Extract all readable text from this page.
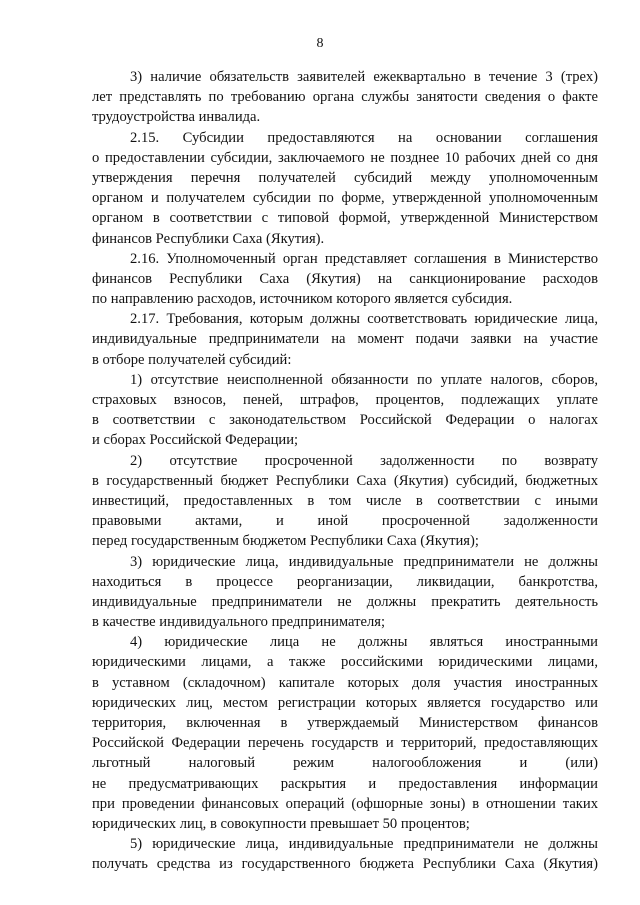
8

3) наличие обязательств заявителей ежеквартально в течение 3 (трех)
лет представлять по требованию органа службы занятости сведения о факте
трудоустройства инвалида.

2.15. Субсидии предоставляются на основании соглашения
о предоставлении субсидии, заключаемого не позднее 10 рабочих дней со дня
утверждения перечня получателей субсидий между уполномоченным
органом и получателем субсидии по форме, утвержденной уполномоченным
органом в соответствии с типовой формой, утвержденной Министерством
финансов Республики Саха (Якутия).

2.16. Уполномоченный орган представляет соглашения в Министерство
финансов Республики Саха (Якутия) на санкционирование расходов
по направлению расходов, источником которого является субсидия.

2.17. Требования, которым должны соответствовать юридические лица,
индивидуальные предприниматели на момент подачи заявки на участие
в отборе получателей субсидий:

1) отсутствие неисполненной обязанности по уплате налогов, сборов,
страховых взносов, пеней, штрафов, процентов, подлежащих уплате
в соответствии с законодательством Российской Федерации о налогах
и сборах Российской Федерации;

2) отсутствие просроченной задолженности по возврату
в государственный бюджет Республики Саха (Якутия) субсидий, бюджетных
инвестиций, предоставленных в том числе в соответствии с иными
правовыми актами, и иной просроченной задолженности
перед государственным бюджетом Республики Саха (Якутия);

3) юридические лица, индивидуальные предприниматели не должны
находиться в процессе реорганизации, ликвидации, банкротства,
индивидуальные предприниматели не должны прекратить деятельность
в качестве индивидуального предпринимателя;

4) юридические лица не должны являться иностранными
юридическими лицами, а также российскими юридическими лицами,
в уставном (складочном) капитале которых доля участия иностранных
юридических лиц, местом регистрации которых является государство или
территория, включенная в утверждаемый Министерством финансов
Российской Федерации перечень государств и территорий, предоставляющих
льготный налоговый режим налогообложения и (или)
не предусматривающих раскрытия и предоставления информации
при проведении финансовых операций (офшорные зоны) в отношении таких
юридических лиц, в совокупности превышает 50 процентов;

5) юридические лица, индивидуальные предприниматели не должны
получать средства из государственного бюджета Республики Саха (Якутия)
